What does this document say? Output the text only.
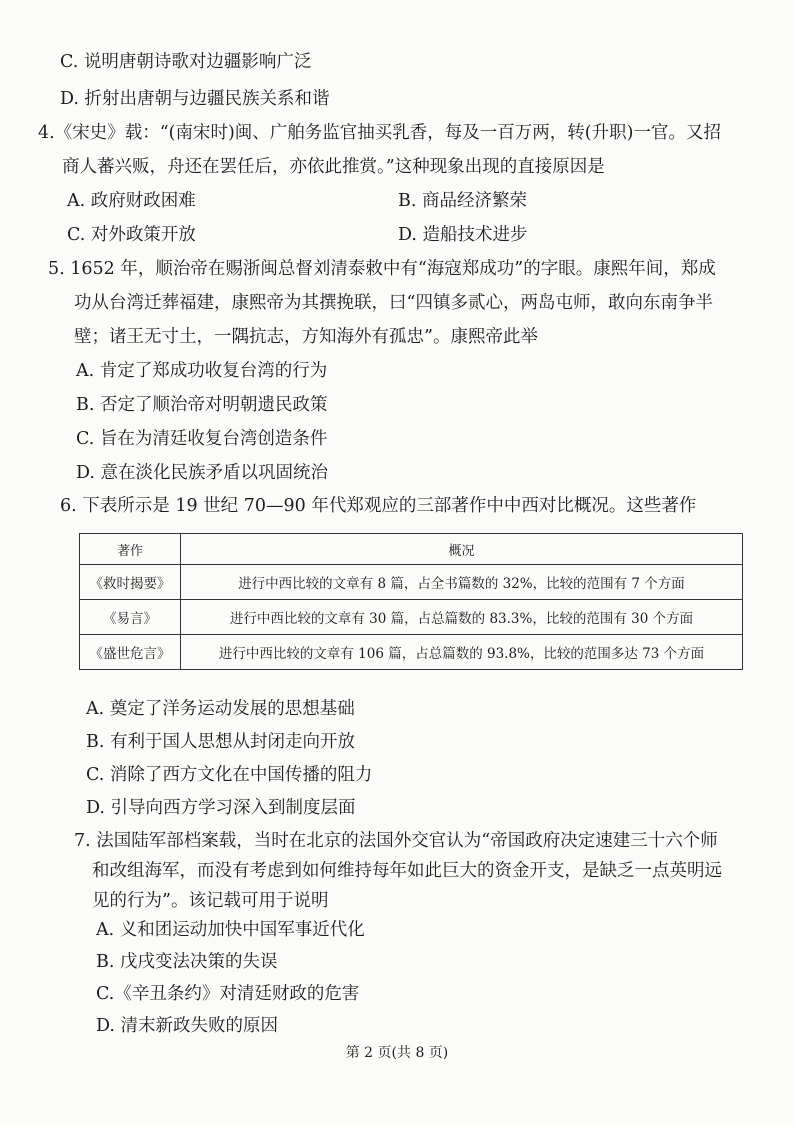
C. 说明唐朝诗歌对边疆影响广泛
D. 折射出唐朝与边疆民族关系和谐
4.《宋史》载：“(南宋时)闽、广舶务监官抽买乳香，每及一百万两，转(升职)一官。又招
商人蕃兴贩，舟还在罢任后，亦依此推赏。”这种现象出现的直接原因是
A. 政府财政困难	B. 商品经济繁荣
C. 对外政策开放	D. 造船技术进步
5. 1652 年，顺治帝在赐浙闽总督刘清泰敕中有“海寇郑成功”的字眼。康熙年间，郑成
功从台湾迁葬福建，康熙帝为其撰挽联，曰“四镇多贰心，两岛屯师，敢向东南争半
壁；诸王无寸土，一隅抗志，方知海外有孤忠”。康熙帝此举
A. 肯定了郑成功收复台湾的行为
B. 否定了顺治帝对明朝遗民政策
C. 旨在为清廷收复台湾创造条件
D. 意在淡化民族矛盾以巩固统治
6. 下表所示是 19 世纪 70—90 年代郑观应的三部著作中中西对比概况。这些著作
著作	概况
《救时揭要》	进行中西比较的文章有 8 篇，占全书篇数的 32%，比较的范围有 7 个方面
《易言》	进行中西比较的文章有 30 篇，占总篇数的 83.3%，比较的范围有 30 个方面
《盛世危言》	进行中西比较的文章有 106 篇，占总篇数的 93.8%，比较的范围多达 73 个方面
A. 奠定了洋务运动发展的思想基础
B. 有利于国人思想从封闭走向开放
C. 消除了西方文化在中国传播的阻力
D. 引导向西方学习深入到制度层面
7. 法国陆军部档案载，当时在北京的法国外交官认为“帝国政府决定速建三十六个师
和改组海军，而没有考虑到如何维持每年如此巨大的资金开支，是缺乏一点英明远
见的行为”。该记载可用于说明
A. 义和团运动加快中国军事近代化
B. 戊戌变法决策的失误
C.《辛丑条约》对清廷财政的危害
D. 清末新政失败的原因
第 2 页(共 8 页)
